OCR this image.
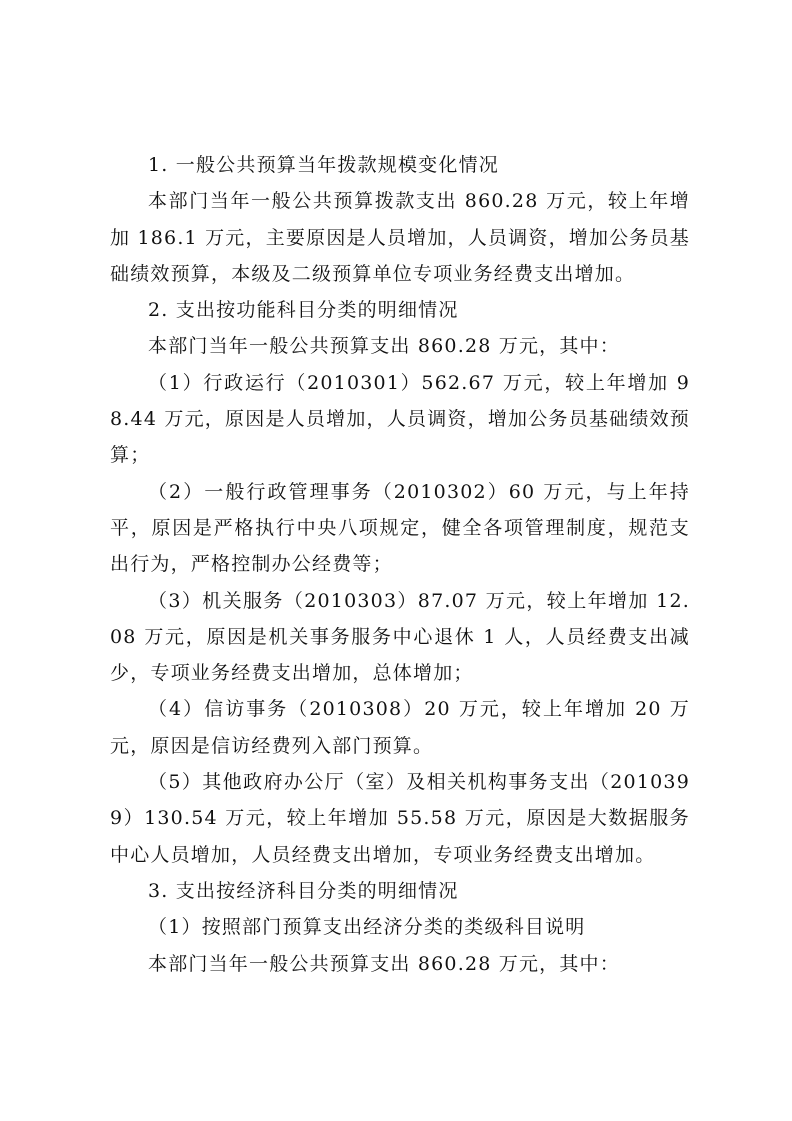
1. 一般公共预算当年拨款规模变化情况

本部门当年一般公共预算拨款支出 860.28 万元，较上年增加 186.1 万元，主要原因是人员增加，人员调资，增加公务员基础绩效预算，本级及二级预算单位专项业务经费支出增加。

2. 支出按功能科目分类的明细情况

本部门当年一般公共预算支出 860.28 万元，其中：

（1）行政运行（2010301）562.67 万元，较上年增加 98.44 万元，原因是人员增加，人员调资，增加公务员基础绩效预算；

（2）一般行政管理事务（2010302）60 万元，与上年持平，原因是严格执行中央八项规定，健全各项管理制度，规范支出行为，严格控制办公经费等；

（3）机关服务（2010303）87.07 万元，较上年增加 12.08 万元，原因是机关事务服务中心退休 1 人，人员经费支出减少，专项业务经费支出增加，总体增加；

（4）信访事务（2010308）20 万元，较上年增加 20 万元，原因是信访经费列入部门预算。

（5）其他政府办公厅（室）及相关机构事务支出（2010399）130.54 万元，较上年增加 55.58 万元，原因是大数据服务中心人员增加，人员经费支出增加，专项业务经费支出增加。

3. 支出按经济科目分类的明细情况

（1）按照部门预算支出经济分类的类级科目说明

本部门当年一般公共预算支出 860.28 万元，其中：
